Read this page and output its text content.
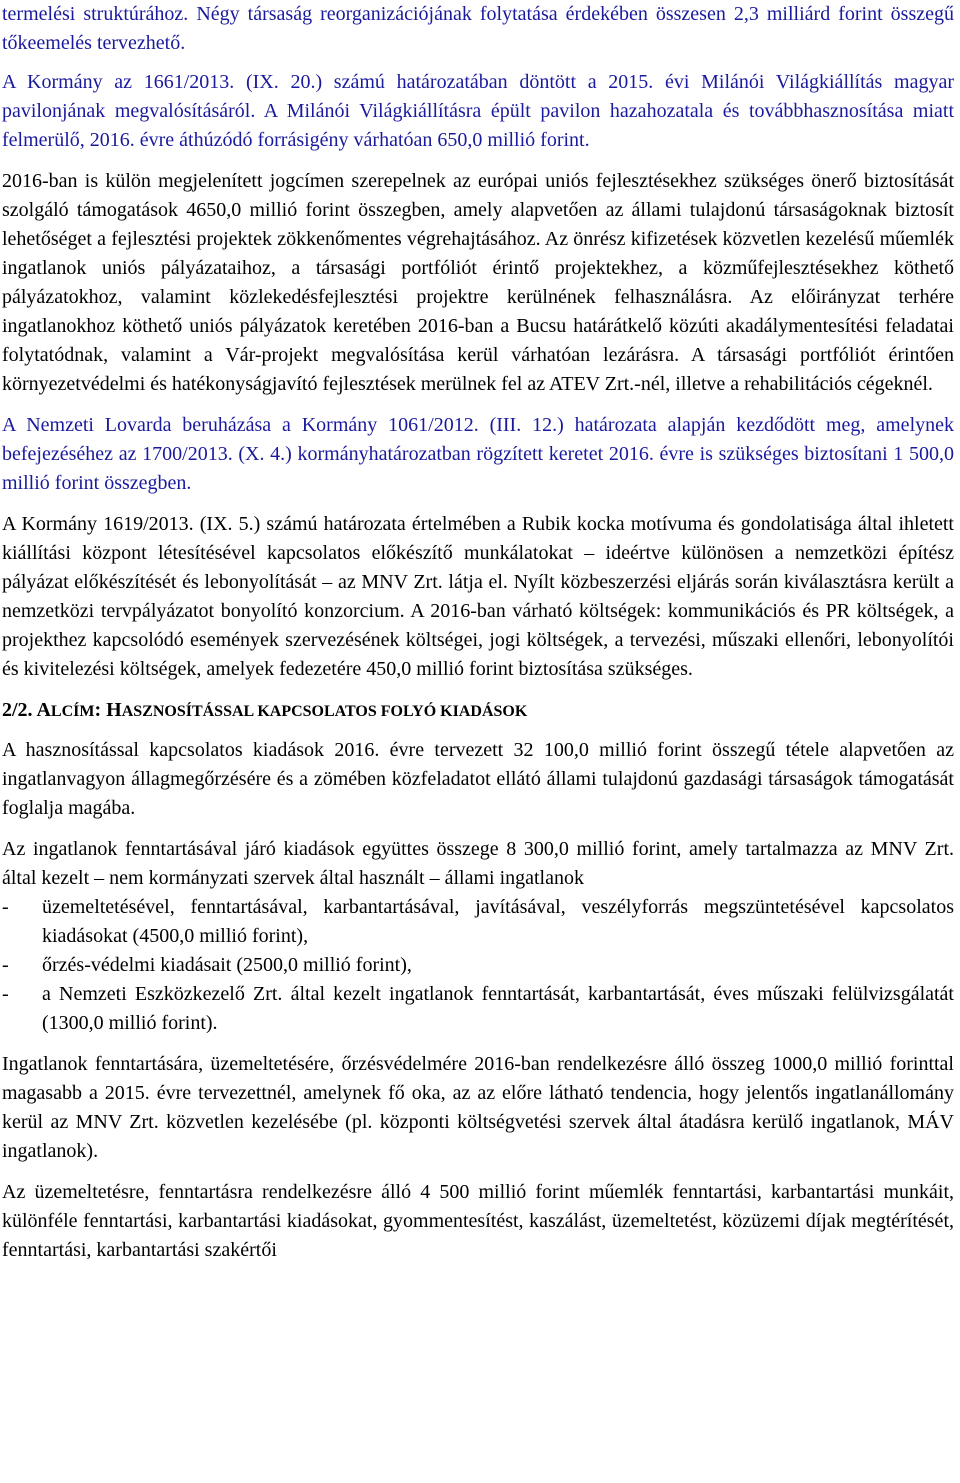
termelési struktúrához. Négy társaság reorganizációjának folytatása érdekében összesen 2,3 milliárd forint összegű tőkeemelés tervezhető.

A Kormány az 1661/2013. (IX. 20.) számú határozatában döntött a 2015. évi Milánói Világkiállítás magyar pavilonjának megvalósításáról. A Milánói Világkiállításra épült pavilon hazahozatala és továbbhasznosítása miatt felmerülő, 2016. évre áthúzódó forrásigény várhatóan 650,0 millió forint.

2016-ban is külön megjelenített jogcímen szerepelnek az európai uniós fejlesztésekhez szükséges önerő biztosítását szolgáló támogatások 4650,0 millió forint összegben, amely alapvetően az állami tulajdonú társaságoknak biztosít lehetőséget a fejlesztési projektek zökkenőmentes végrehajtásához. Az önrész kifizetések közvetlen kezelésű műemlék ingatlanok uniós pályázataihoz, a társasági portfóliót érintő projektekhez, a közműfejlesztésekhez köthető pályázatokhoz, valamint közlekedésfejlesztési projektre kerülnének felhasználásra. Az előirányzat terhére ingatlanokhoz köthető uniós pályázatok keretében 2016-ban a Bucsu határátkelő közúti akadálymentesítési feladatai folytatódnak, valamint a Vár-projekt megvalósítása kerül várhatóan lezárásra. A társasági portfóliót érintően környezetvédelmi és hatékonyságjavító fejlesztések merülnek fel az ATEV Zrt.-nél, illetve a rehabilitációs cégeknél.

A Nemzeti Lovarda beruházása a Kormány 1061/2012. (III. 12.) határozata alapján kezdődött meg, amelynek befejezéséhez az 1700/2013. (X. 4.) kormányhatározatban rögzített keretet 2016. évre is szükséges biztosítani 1 500,0 millió forint összegben.

A Kormány 1619/2013. (IX. 5.) számú határozata értelmében a Rubik kocka motívuma és gondolatisága által ihletett kiállítási központ létesítésével kapcsolatos előkészítő munkálatokat – ideértve különösen a nemzetközi építész pályázat előkészítését és lebonyolítását – az MNV Zrt. látja el. Nyílt közbeszerzési eljárás során kiválasztásra került a nemzetközi tervpályázatot bonyolító konzorcium. A 2016-ban várható költségek: kommunikációs és PR költségek, a projekthez kapcsolódó események szervezésének költségei, jogi költségek, a tervezési, műszaki ellenőri, lebonyolítói és kivitelezési költségek, amelyek fedezetére 450,0 millió forint biztosítása szükséges.

2/2. ALCÍM: HASZNOSÍTÁSSAL KAPCSOLATOS FOLYÓ KIADÁSOK

A hasznosítással kapcsolatos kiadások 2016. évre tervezett 32 100,0 millió forint összegű tétele alapvetően az ingatlanvagyon állagmegőrzésére és a zömében közfeladatot ellátó állami tulajdonú gazdasági társaságok támogatását foglalja magába.

Az ingatlanok fenntartásával járó kiadások együttes összege 8 300,0 millió forint, amely tartalmazza az MNV Zrt. által kezelt – nem kormányzati szervek által használt – állami ingatlanok

- üzemeltetésével, fenntartásával, karbantartásával, javításával, veszélyforrás megszüntetésével kapcsolatos kiadásokat (4500,0 millió forint),
- őrzés-védelmi kiadásait (2500,0 millió forint),
- a Nemzeti Eszközkezelő Zrt. által kezelt ingatlanok fenntartását, karbantartását, éves műszaki felülvizsgálatát (1300,0 millió forint).

Ingatlanok fenntartására, üzemeltetésére, őrzésvédelmére 2016-ban rendelkezésre álló összeg 1000,0 millió forinttal magasabb a 2015. évre tervezettnél, amelynek fő oka, az az előre látható tendencia, hogy jelentős ingatlanállomány kerül az MNV Zrt. közvetlen kezelésébe (pl. központi költségvetési szervek által átadásra kerülő ingatlanok, MÁV ingatlanok).

Az üzemeltetésre, fenntartásra rendelkezésre álló 4 500 millió forint műemlék fenntartási, karbantartási munkáit, különféle fenntartási, karbantartási kiadásokat, gyommentesítést, kaszálást, üzemeltetést, közüzemi díjak megtérítését, fenntartási, karbantartási szakértői
